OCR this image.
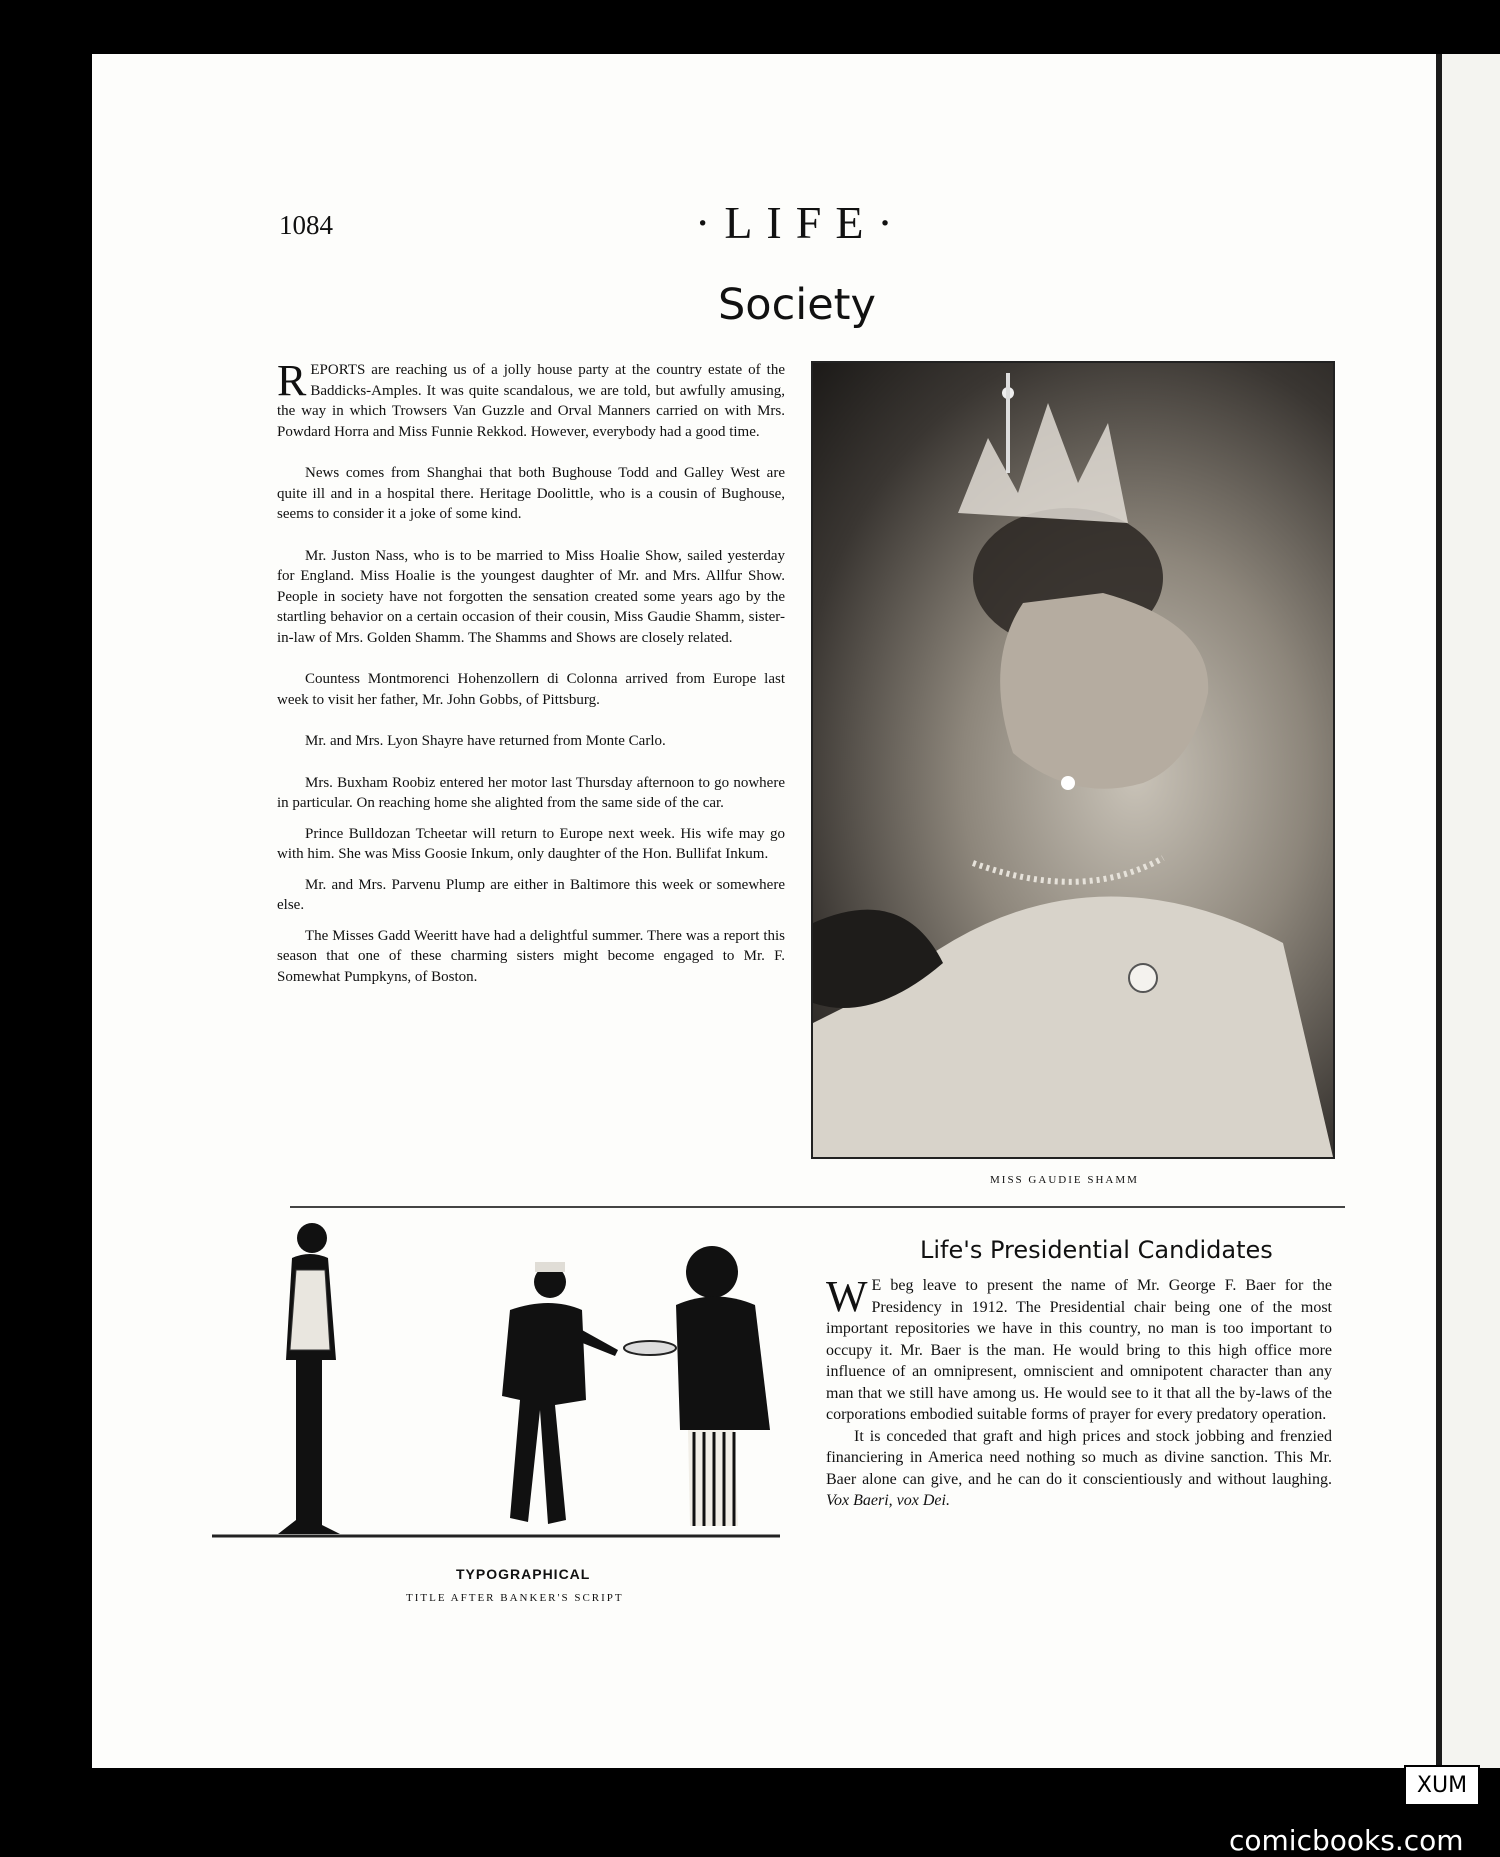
1084	·LIFE·
Society

REPORTS are reaching us of a jolly house party at the country estate of the Baddicks-Amples. It was quite scandalous, we are told, but awfully amusing, the way in which Trowsers Van Guzzle and Orval Manners carried on with Mrs. Powdard Horra and Miss Funnie Rekkod. However, everybody had a good time.

News comes from Shanghai that both Bughouse Todd and Galley West are quite ill and in a hospital there. Heritage Doolittle, who is a cousin of Bughouse, seems to consider it a joke of some kind.

Mr. Juston Nass, who is to be married to Miss Hoalie Show, sailed yesterday for England. Miss Hoalie is the youngest daughter of Mr. and Mrs. Allfur Show. People in society have not forgotten the sensation created some years ago by the startling behavior on a certain occasion of their cousin, Miss Gaudie Shamm, sister-in-law of Mrs. Golden Shamm. The Shamms and Shows are closely related.

Countess Montmorenci Hohenzollern di Colonna arrived from Europe last week to visit her father, Mr. John Gobbs, of Pittsburg.

Mr. and Mrs. Lyon Shayre have returned from Monte Carlo.

Mrs. Buxham Roobiz entered her motor last Thursday afternoon to go nowhere in particular. On reaching home she alighted from the same side of the car.

Prince Bulldozan Tcheetar will return to Europe next week. His wife may go with him. She was Miss Goosie Inkum, only daughter of the Hon. Bullifat Inkum.

Mr. and Mrs. Parvenu Plump are either in Baltimore this week or somewhere else.

The Misses Gadd Weeritt have had a delightful summer. There was a report this season that one of these charming sisters might become engaged to Mr. F. Somewhat Pumpkyns, of Boston.

MISS GAUDIE SHAMM
TYPOGRAPHICAL
TITLE AFTER BANKER'S SCRIPT
Life's Presidential Candidates

W E beg leave to present the name of Mr. George F. Baer for the Presidency in 1912. The Presidential chair being one of the most important repositories we have in this country, no man is too important to occupy it. Mr. Baer is the man. He would bring to this high office more influence of an omnipresent, omniscient and omnipotent character than any man that we still have among us. He would see to it that all the by-laws of the corporations embodied suitable forms of prayer for every predatory operation.

It is conceded that graft and high prices and stock jobbing and frenzied financiering in America need nothing so much as divine sanction. This Mr. Baer alone can give, and he can do it conscientiously and without laughing. Vox Baeri, vox Dei.

XUM
comicbooks.com
